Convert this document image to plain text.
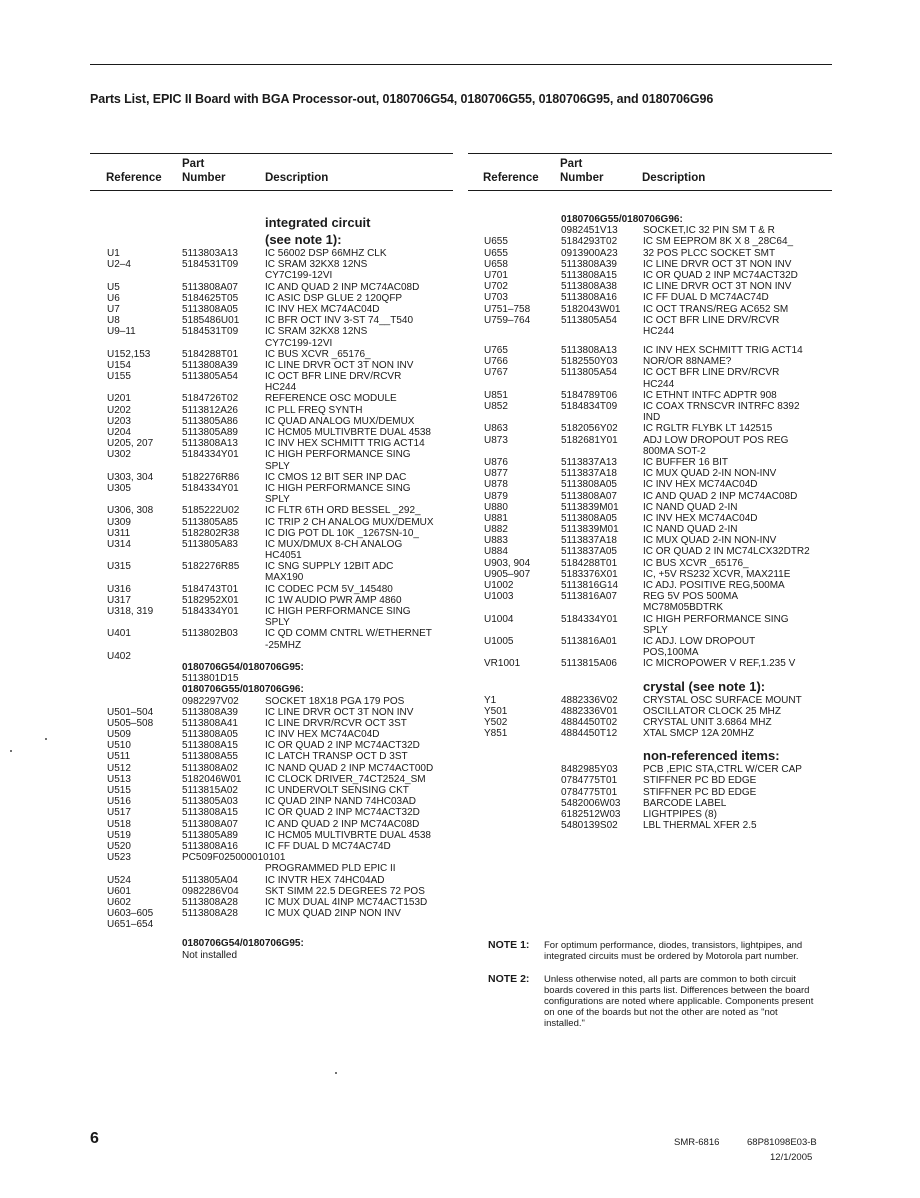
Parts List, EPIC II Board with BGA Processor-out, 0180706G54, 0180706G55, 0180706G95, and 0180706G96
Reference
Part
Number	Description	Reference
Part
Number	Description
integrated circuit
(see note 1):
U1	5113803A13	IC 56002 DSP 66MHZ CLK
U2–4	5184531T09	IC SRAM 32KX8 12NS
CY7C199-12VI
U5	5113808A07	IC AND QUAD 2 INP MC74AC08D
U6	5184625T05	IC ASIC DSP GLUE 2 120QFP
U7	5113808A05	IC INV HEX MC74AC04D
U8	5185486U01	IC BFR OCT INV 3-ST 74__T540
U9–11	5184531T09	IC SRAM 32KX8 12NS
CY7C199-12VI
U152,153	5184288T01	IC BUS XCVR _65176_
U154	5113808A39	IC LINE DRVR OCT 3T NON INV
U155	5113805A54	IC OCT BFR LINE DRV/RCVR
HC244
U201	5184726T02	REFERENCE OSC MODULE
U202	5113812A26	IC PLL FREQ SYNTH
U203	5113805A86	IC QUAD ANALOG MUX/DEMUX
U204	5113805A89	IC HCM05 MULTIVBRTE DUAL 4538
U205, 207	5113808A13	IC INV HEX SCHMITT TRIG ACT14
U302	5184334Y01	IC HIGH PERFORMANCE SING
SPLY
U303, 304	5182276R86	IC CMOS 12 BIT SER INP DAC
U305	5184334Y01	IC HIGH PERFORMANCE SING
SPLY
U306, 308	5185222U02	IC FLTR 6TH ORD BESSEL _292_
U309	5113805A85	IC TRIP 2 CH ANALOG MUX/DEMUX
U311	5182802R38	IC DIG POT DL 10K _1267SN-10_
U314	5113805A83	IC MUX/DMUX 8-CH ANALOG
HC4051
U315	5182276R85	IC SNG SUPPLY 12BIT ADC
MAX190
U316	5184743T01	IC CODEC PCM 5V_145480
U317	5182952X01	IC 1W AUDIO PWR AMP 4860
U318, 319	5184334Y01	IC HIGH PERFORMANCE SING
SPLY
U401	5113802B03	IC QD COMM CNTRL W/ETHERNET
-25MHZ
U402
0180706G54/0180706G95:
5113801D15
0180706G55/0180706G96:
0982297V02	SOCKET 18X18 PGA 179 POS
U501–504	5113808A39	IC LINE DRVR OCT 3T NON INV
U505–508	5113808A41	IC LINE DRVR/RCVR OCT 3ST
U509	5113808A05	IC INV HEX MC74AC04D
U510	5113808A15	IC OR QUAD 2 INP MC74ACT32D
U511	5113808A55	IC LATCH TRANSP OCT D 3ST
U512	5113808A02	IC NAND QUAD 2 INP MC74ACT00D
U513	5182046W01 IC CLOCK DRIVER_74CT2524_SM
U515	5113815A02	IC UNDERVOLT SENSING CKT
U516	5113805A03	IC QUAD 2INP NAND 74HC03AD
U517	5113808A15	IC OR QUAD 2 INP MC74ACT32D
U518	5113808A07	IC AND QUAD 2 INP MC74AC08D
U519	5113805A89	IC HCM05 MULTIVBRTE DUAL 4538
U520	5113808A16	IC FF DUAL D MC74AC74D
U523	PC509F025000010101
PROGRAMMED PLD EPIC II
U524	5113805A04	IC INVTR HEX 74HC04AD
U601	0982286V04	SKT SIMM 22.5 DEGREES 72 POS
U602	5113808A28	IC MUX DUAL 4INP MC74ACT153D
U603–605	5113808A28	IC MUX QUAD 2INP NON INV
U651–654
0180706G54/0180706G95:
Not installed
0180706G55/0180706G96:
0982451V13	SOCKET,IC 32 PIN SM T & R
U655	5184293T02	IC SM EEPROM 8K X 8 _28C64_
U655	0913900A23	32 POS PLCC SOCKET SMT
U658	5113808A39	IC LINE DRVR OCT 3T NON INV
U701	5113808A15	IC OR QUAD 2 INP MC74ACT32D
U702	5113808A38	IC LINE DRVR OCT 3T NON INV
U703	5113808A16	IC FF DUAL D MC74AC74D
U751–758	5182043W01 IC OCT TRANS/REG AC652 SM
U759–764	5113805A54	IC OCT BFR LINE DRV/RCVR
HC244
U765	5113808A13	IC INV HEX SCHMITT TRIG ACT14
U766	5182550Y03	NOR/OR 88NAME?
U767	5113805A54	IC OCT BFR LINE DRV/RCVR
HC244
U851	5184789T06	IC ETHNT INTFC ADPTR 908
U852	5184834T09	IC COAX TRNSCVR INTRFC 8392
IND
U863	5182056Y02	IC RGLTR FLYBK LT 142515
U873	5182681Y01	ADJ LOW DROPOUT POS REG
800MA SOT-2
U876	5113837A13	IC BUFFER 16 BIT
U877	5113837A18	IC MUX QUAD 2-IN NON-INV
U878	5113808A05	IC INV HEX MC74AC04D
U879	5113808A07	IC AND QUAD 2 INP MC74AC08D
U880	5113839M01 IC NAND QUAD 2-IN
U881	5113808A05	IC INV HEX MC74AC04D
U882	5113839M01 IC NAND QUAD 2-IN
U883	5113837A18	IC MUX QUAD 2-IN NON-INV
U884	5113837A05	IC OR QUAD 2 IN MC74LCX32DTR2
U903, 904	5184288T01	IC BUS XCVR _65176_
U905–907	5183376X01	IC, +5V RS232 XCVR, MAX211E
U1002	5113816G14 IC ADJ. POSITIVE REG,500MA
U1003	5113816A07	REG 5V POS 500MA
MC78M05BDTRK
U1004	5184334Y01	IC HIGH PERFORMANCE SING
SPLY
U1005	5113816A01	IC ADJ. LOW DROPOUT
POS,100MA
VR1001	5113815A06	IC MICROPOWER V REF,1.235 V
crystal (see note 1):
Y1	4882336V02	CRYSTAL OSC SURFACE MOUNT
Y501	4882336V01	OSCILLATOR CLOCK 25 MHZ
Y502	4884450T02	CRYSTAL UNIT 3.6864 MHZ
Y851	4884450T12	XTAL SMCP 12A 20MHZ
non-referenced items:
8482985Y03	PCB ,EPIC STA,CTRL W/CER CAP
0784775T01	STIFFNER PC BD EDGE
0784775T01	STIFFNER PC BD EDGE
5482006W03 BARCODE LABEL
6182512W03 LIGHTPIPES (8)
5480139S02	LBL THERMAL XFER 2.5
NOTE 1: For optimum performance, diodes, transistors, lightpipes, and integrated circuits must be ordered by Motorola part number.
NOTE 2: Unless otherwise noted, all parts are common to both circuit boards covered in this parts list. Differences between the board configurations are noted where applicable. Components present on one of the boards but not the other are noted as "not installed."
6	SMR-6816	68P81098E03-B
12/1/2005
